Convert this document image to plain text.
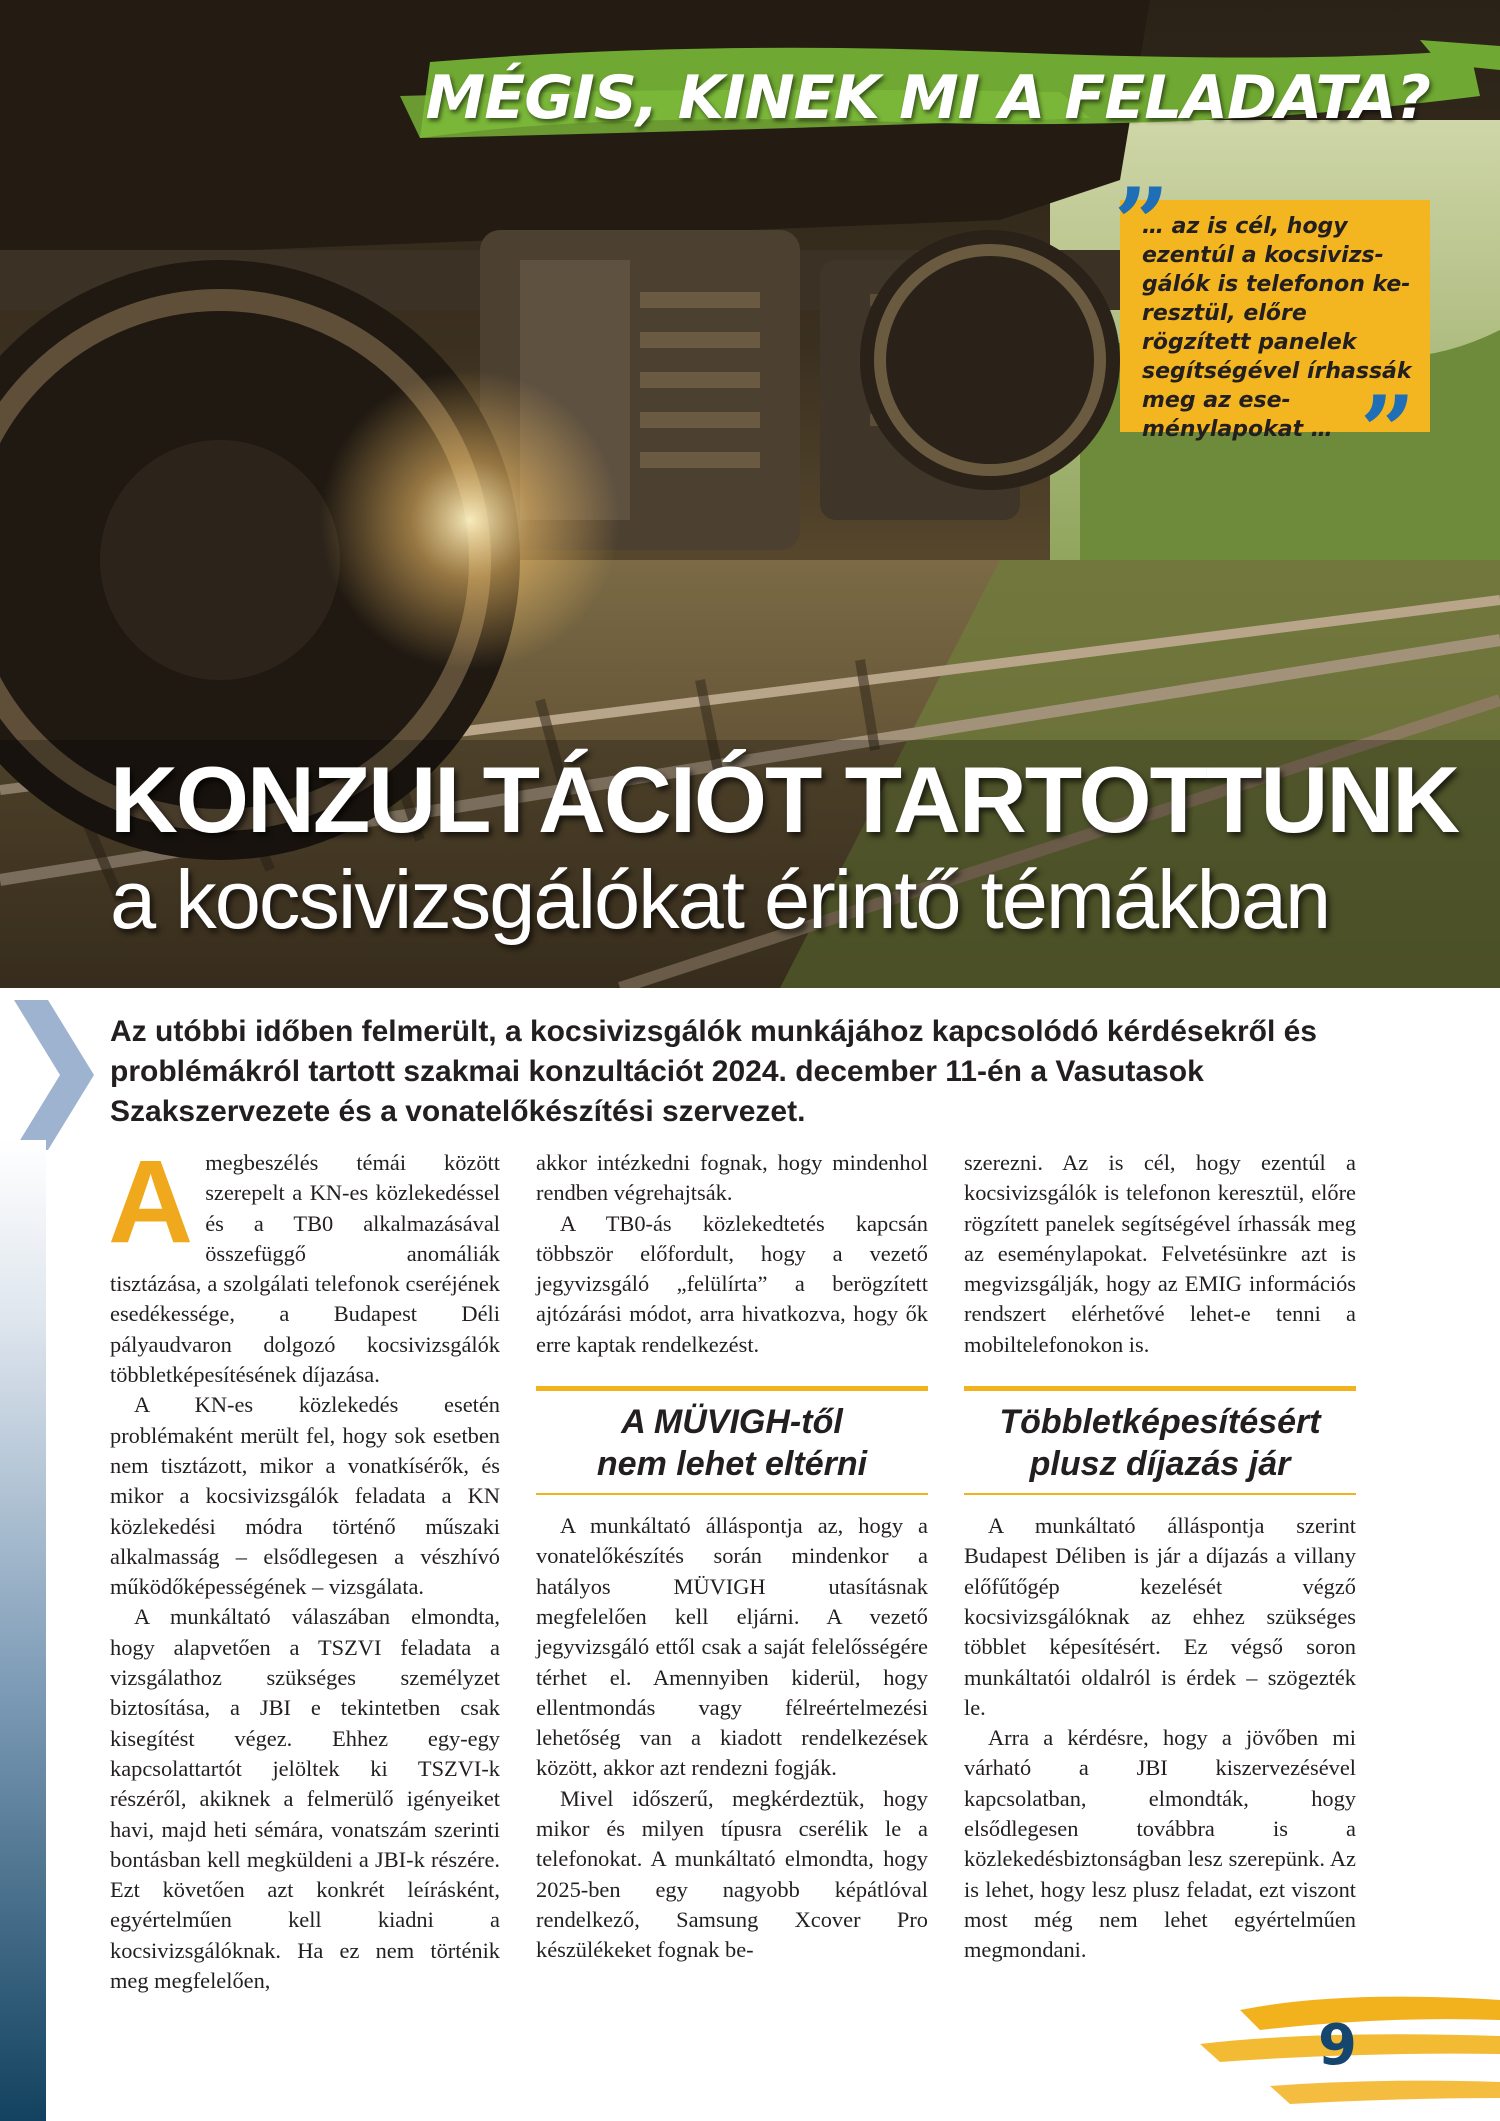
MÉGIS, KINEK MI A FELADATA?

… az is cél, hogy ezentúl a kocsivizs- gálók is telefonon ke- resztül, előre rögzített panelek segítségével írhassák meg az ese- ménylapokat …

”
”
KONZULTÁCIÓT TARTOTTUNK
a kocsivizsgálókat érintő témákban

Az utóbbi időben felmerült, a kocsivizsgálók munkájához kapcsolódó kérdésekről és problémákról tartott szakmai konzultációt 2024. december 11-én a Vasutasok Szakszervezete és a vonatelőkészítési szervezet.

A megbeszélés témái között szerepelt a KN-es közlekedéssel és a TB0 alkalmazásával összefüggő anomáliák tisztázása, a szolgálati telefonok cseréjének esedékessége, a Budapest Déli pályaudvaron dolgozó kocsivizsgálók többletképesítésének díjazása.

A KN-es közlekedés esetén problémaként merült fel, hogy sok esetben nem tisztázott, mikor a vonatkísérők, és mikor a kocsivizsgálók feladata a KN közlekedési módra történő műszaki alkalmasság – elsődlegesen a vészhívó működőképességének – vizsgálata.

A munkáltató válaszában elmondta, hogy alapvetően a TSZVI feladata a vizsgálathoz szükséges személyzet biztosítása, a JBI e tekintetben csak kisegítést végez. Ehhez egy-egy kapcsolattartót jelöltek ki TSZVI-k részéről, akiknek a felmerülő igényeiket havi, majd heti sémára, vonatszám szerinti bontásban kell megküldeni a JBI-k részére. Ezt követően azt konkrét leírásként, egyértelműen kell kiadni a kocsivizsgálóknak. Ha ez nem történik meg megfelelően,

akkor intézkedni fognak, hogy mindenhol rendben végrehajtsák.

A TB0-ás közlekedtetés kapcsán többször előfordult, hogy a vezető jegyvizsgáló „felülírta” a berögzített ajtózárási módot, arra hivatkozva, hogy ők erre kaptak rendelkezést.

A MÜVIGH-től
nem lehet eltérni

A munkáltató álláspontja az, hogy a vonatelőkészítés során mindenkor a hatályos MÜVIGH utasításnak megfelelően kell eljárni. A vezető jegyvizsgáló ettől csak a saját felelősségére térhet el. Amennyiben kiderül, hogy ellentmondás vagy félreértelmezési lehetőség van a kiadott rendelkezések között, akkor azt rendezni fogják.

Mivel időszerű, megkérdeztük, hogy mikor és milyen típusra cserélik le a telefonokat. A munkáltató elmondta, hogy 2025-ben egy nagyobb képátlóval rendelkező, Samsung Xcover Pro készülékeket fognak be-

szerezni. Az is cél, hogy ezentúl a kocsivizsgálók is telefonon keresztül, előre rögzített panelek segítségével írhassák meg az eseménylapokat. Felvetésünkre azt is megvizsgálják, hogy az EMIG információs rendszert elérhetővé lehet-e tenni a mobiltelefonokon is.

Többletképesítésért
plusz díjazás jár

A munkáltató álláspontja szerint Budapest Déliben is jár a díjazás a villany előfűtőgép kezelését végző kocsivizsgálóknak az ehhez szükséges többlet képesítésért. Ez végső soron munkáltatói oldalról is érdek – szögezték le.

Arra a kérdésre, hogy a jövőben mi várható a JBI kiszervezésével kapcsolatban, elmondták, hogy elsődlegesen továbbra is a közlekedésbiztonságban lesz szerepünk. Az is lehet, hogy lesz plusz feladat, ezt viszont most még nem lehet egyértelműen megmondani.

9
